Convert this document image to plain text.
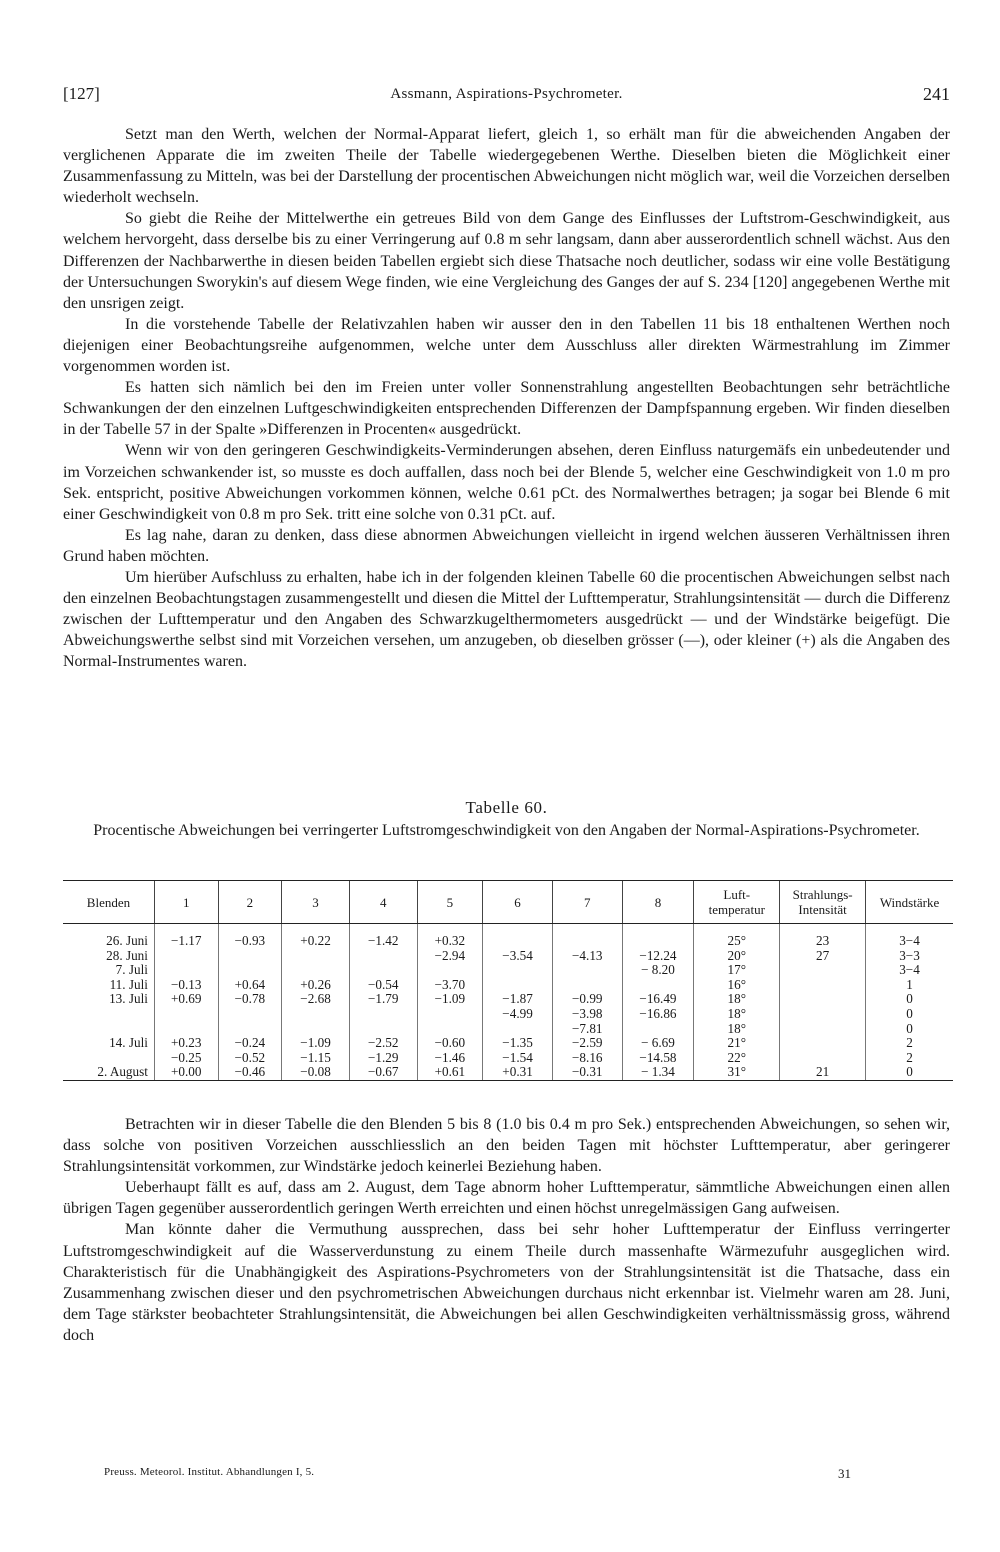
[127]	Assmann, Aspirations-Psychrometer.	241

Setzt man den Werth, welchen der Normal-Apparat liefert, gleich 1, so erhält man für die abweichenden Angaben der verglichenen Apparate die im zweiten Theile der Tabelle wiedergegebenen Werthe. Dieselben bieten die Möglichkeit einer Zusammenfassung zu Mitteln, was bei der Darstellung der procentischen Abweichungen nicht möglich war, weil die Vorzeichen derselben wiederholt wechseln.

So giebt die Reihe der Mittelwerthe ein getreues Bild von dem Gange des Einflusses der Luftstrom-Geschwindigkeit, aus welchem hervorgeht, dass derselbe bis zu einer Verringerung auf 0.8 m sehr langsam, dann aber ausserordentlich schnell wächst. Aus den Differenzen der Nachbarwerthe in diesen beiden Tabellen ergiebt sich diese Thatsache noch deutlicher, sodass wir eine volle Bestätigung der Untersuchungen Sworykin's auf diesem Wege finden, wie eine Vergleichung des Ganges der auf S. 234 [120] angegebenen Werthe mit den unsrigen zeigt.

In die vorstehende Tabelle der Relativzahlen haben wir ausser den in den Tabellen 11 bis 18 enthaltenen Werthen noch diejenigen einer Beobachtungsreihe aufgenommen, welche unter dem Ausschluss aller direkten Wärmestrahlung im Zimmer vorgenommen worden ist.

Es hatten sich nämlich bei den im Freien unter voller Sonnenstrahlung angestellten Beobachtungen sehr beträchtliche Schwankungen der den einzelnen Luftgeschwindigkeiten entsprechenden Differenzen der Dampfspannung ergeben. Wir finden dieselben in der Tabelle 57 in der Spalte »Differenzen in Procenten« ausgedrückt.

Wenn wir von den geringeren Geschwindigkeits-Verminderungen absehen, deren Einfluss naturgemäfs ein unbedeutender und im Vorzeichen schwankender ist, so musste es doch auffallen, dass noch bei der Blende 5, welcher eine Geschwindigkeit von 1.0 m pro Sek. entspricht, positive Abweichungen vorkommen können, welche 0.61 pCt. des Normalwerthes betragen; ja sogar bei Blende 6 mit einer Geschwindigkeit von 0.8 m pro Sek. tritt eine solche von 0.31 pCt. auf.

Es lag nahe, daran zu denken, dass diese abnormen Abweichungen vielleicht in irgend welchen äusseren Verhältnissen ihren Grund haben möchten.

Um hierüber Aufschluss zu erhalten, habe ich in der folgenden kleinen Tabelle 60 die procentischen Abweichungen selbst nach den einzelnen Beobachtungstagen zusammengestellt und diesen die Mittel der Lufttemperatur, Strahlungsintensität — durch die Differenz zwischen der Lufttemperatur und den Angaben des Schwarzkugelthermometers ausgedrückt — und der Windstärke beigefügt. Die Abweichungswerthe selbst sind mit Vorzeichen versehen, um anzugeben, ob dieselben grösser (—), oder kleiner (+) als die Angaben des Normal-Instrumentes waren.

Tabelle 60.
Procentische Abweichungen bei verringerter Luftstromgeschwindigkeit von den Angaben der Normal-Aspirations-Psychrometer.
Blenden	1	2	3	4	5	6	7	8	Luft-temperatur	Strahlungs-Intensität	Windstärke

26. Juni	−1.17	−0.93	+0.22	−1.42	+0.32				25°	23	3−4
28. Juni					−2.94	−3.54	−4.13	−12.24	20°	27	3−3
7. Juli								− 8.20	17°		3−4
11. Juli	−0.13	+0.64	+0.26	−0.54	−3.70				16°		1
13. Juli	+0.69	−0.78	−2.68	−1.79	−1.09	−1.87	−0.99	−16.49	18°		0
						−4.99	−3.98	−16.86	18°		0
							−7.81		18°		0
14. Juli	+0.23	−0.24	−1.09	−2.52	−0.60	−1.35	−2.59	− 6.69	21°		2
	−0.25	−0.52	−1.15	−1.29	−1.46	−1.54	−8.16	−14.58	22°		2
2. August	+0.00	−0.46	−0.08	−0.67	+0.61	+0.31	−0.31	− 1.34	31°	21	0

Betrachten wir in dieser Tabelle die den Blenden 5 bis 8 (1.0 bis 0.4 m pro Sek.) entsprechenden Abweichungen, so sehen wir, dass solche von positiven Vorzeichen ausschliesslich an den beiden Tagen mit höchster Lufttemperatur, aber geringerer Strahlungsintensität vorkommen, zur Windstärke jedoch keinerlei Beziehung haben.

Ueberhaupt fällt es auf, dass am 2. August, dem Tage abnorm hoher Lufttemperatur, sämmtliche Abweichungen einen allen übrigen Tagen gegenüber ausserordentlich geringen Werth erreichten und einen höchst unregelmässigen Gang aufweisen.

Man könnte daher die Vermuthung aussprechen, dass bei sehr hoher Lufttemperatur der Einfluss verringerter Luftstromgeschwindigkeit auf die Wasserverdunstung zu einem Theile durch massenhafte Wärmezufuhr ausgeglichen wird. Charakteristisch für die Unabhängigkeit des Aspirations-Psychrometers von der Strahlungsintensität ist die Thatsache, dass ein Zusammenhang zwischen dieser und den psychrometrischen Abweichungen durchaus nicht erkennbar ist. Vielmehr waren am 28. Juni, dem Tage stärkster beobachteter Strahlungsintensität, die Abweichungen bei allen Geschwindigkeiten verhältnissmässig gross, während doch

Preuss. Meteorol. Institut. Abhandlungen I, 5.	31
